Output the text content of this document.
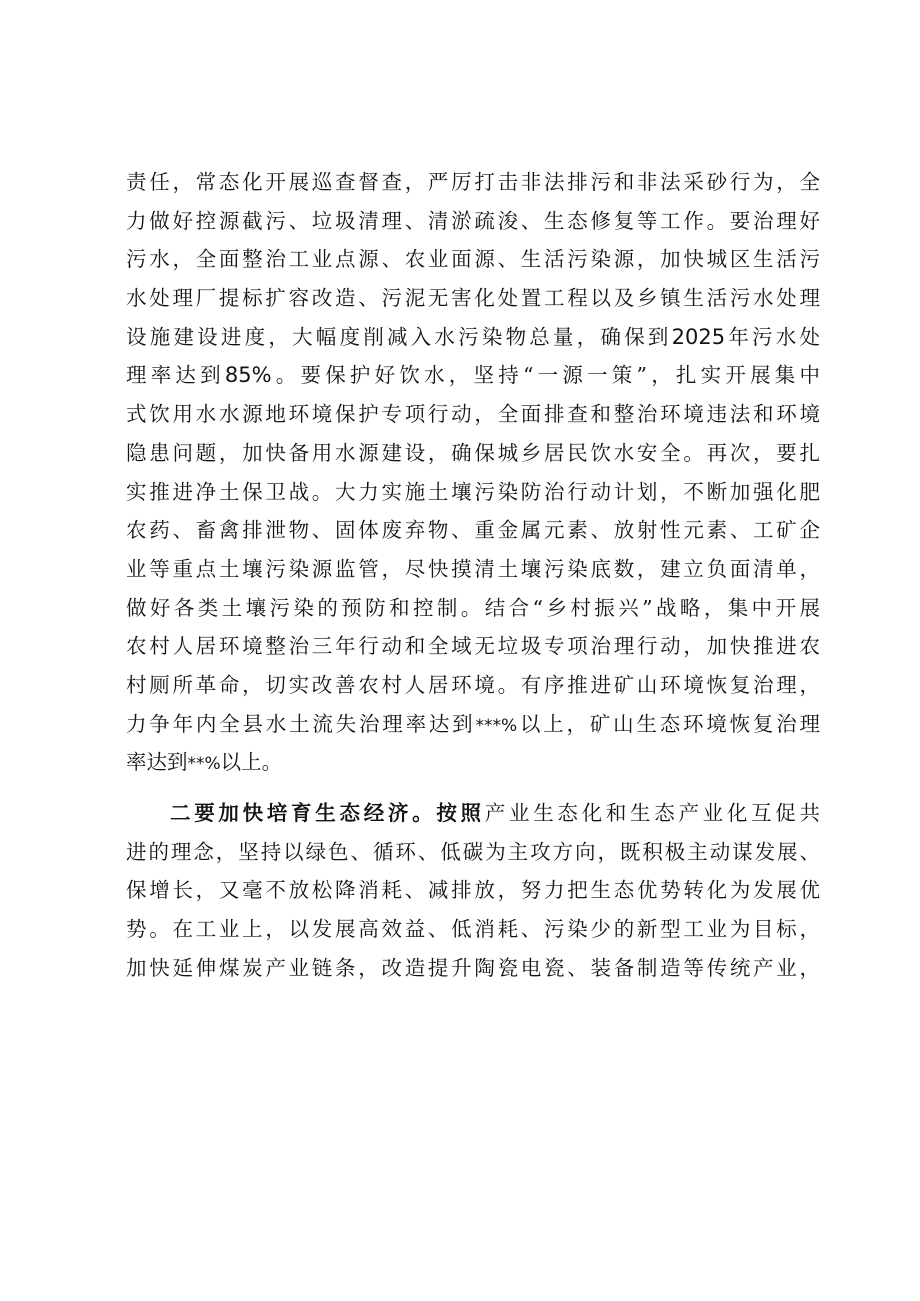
责任，常态化开展巡查督查，严厉打击非法排污和非法采砂行为，全
力做好控源截污、垃圾清理、清淤疏浚、生态修复等工作。要治理好
污水，全面整治工业点源、农业面源、生活污染源，加快城区生活污
水处理厂提标扩容改造、污泥无害化处置工程以及乡镇生活污水处理
设施建设进度，大幅度削减入水污染物总量，确保到2025年污水处
理率达到85%。要保护好饮水，坚持“一源一策”，扎实开展集中
式饮用水水源地环境保护专项行动，全面排查和整治环境违法和环境
隐患问题，加快备用水源建设，确保城乡居民饮水安全。再次，要扎
实推进净土保卫战。大力实施土壤污染防治行动计划，不断加强化肥
农药、畜禽排泄物、固体废弃物、重金属元素、放射性元素、工矿企
业等重点土壤污染源监管，尽快摸清土壤污染底数，建立负面清单，
做好各类土壤污染的预防和控制。结合“乡村振兴”战略，集中开展
农村人居环境整治三年行动和全域无垃圾专项治理行动，加快推进农
村厕所革命，切实改善农村人居环境。有序推进矿山环境恢复治理，
力争年内全县水土流失治理率达到***%以上，矿山生态环境恢复治理
率达到**%以上。
二要加快培育生态经济。按照产业生态化和生态产业化互促共
进的理念，坚持以绿色、循环、低碳为主攻方向，既积极主动谋发展、
保增长，又毫不放松降消耗、减排放，努力把生态优势转化为发展优
势。在工业上，以发展高效益、低消耗、污染少的新型工业为目标，
加快延伸煤炭产业链条，改造提升陶瓷电瓷、装备制造等传统产业，
